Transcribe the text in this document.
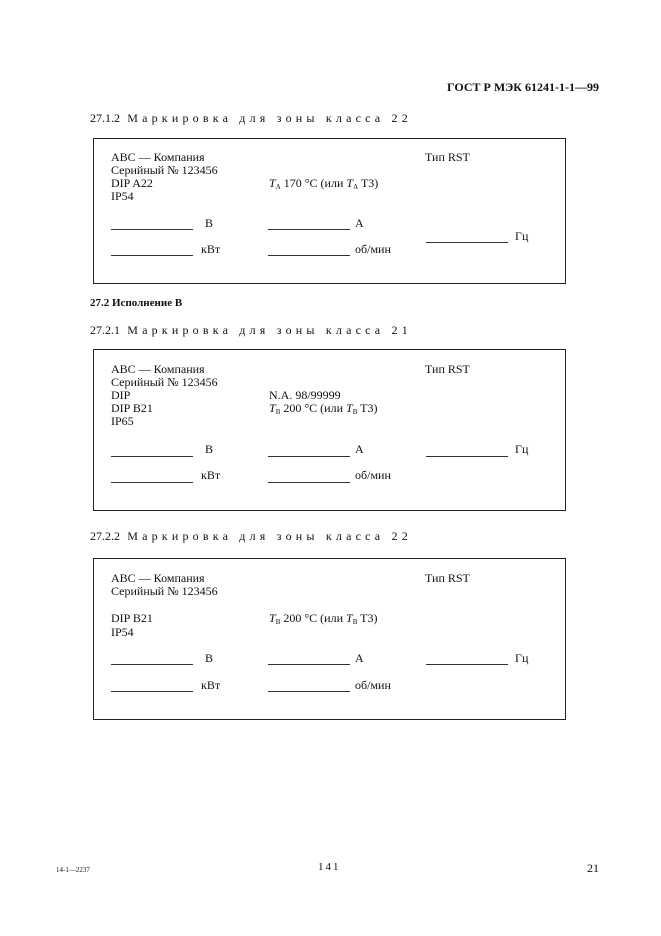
ГОСТ Р МЭК 61241-1-1—99
27.1.2 Маркировка для зоны класса 22
АВС — Компания
Серийный № 123456
DIP A22
IP54
$T_A$ 170 °C (или $T_A$ T3)
Тип RST
В	А
Гц
кВт	об/мин
27.2 Исполнение B
27.2.1 Маркировка для зоны класса 21
АВС — Компания
Серийный № 123456
DIP
DIP B21
IP65
N.A. 98/99999
$T_B$ 200 °C (или $T_B$ T3)
Тип RST
В	А	Гц
кВт	об/мин
27.2.2 Маркировка для зоны класса 22
АВС — Компания
Серийный № 123456
DIP B21
IP54
$T_B$ 200 °C (или $T_B$ T3)
Тип RST
В	А	Гц
кВт	об/мин
14-1—2237	141	21
